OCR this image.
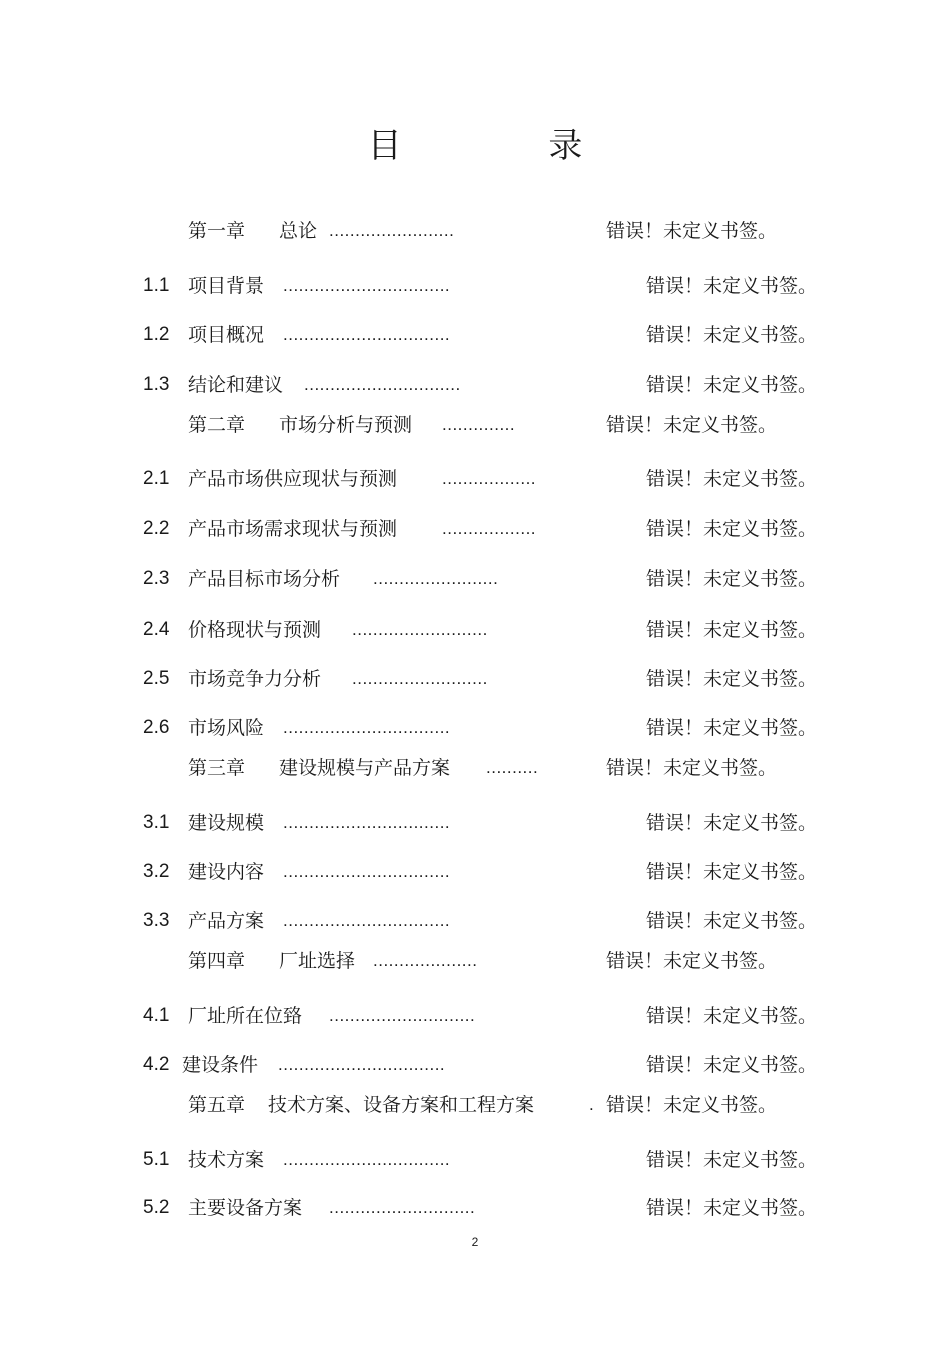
目 录
第一章 总论 ........................	错误！未定义书签。
1.1 项目背景 ................................	错误！未定义书签。
1.2 项目概况 ................................	错误！未定义书签。
1.3 结论和建议 ..............................	错误！未定义书签。
第二章 市场分析与预测 ..............	错误！未定义书签。
2.1 产品市场供应现状与预测	..................	错误！未定义书签。
2.2 产品市场需求现状与预测	..................	错误！未定义书签。
2.3 产品目标市场分析 ........................	错误！未定义书签。
2.4 价格现状与预测 ..........................	错误！未定义书签。
2.5 市场竞争力分析 ..........................	错误！未定义书签。
2.6 市场风险 ................................	错误！未定义书签。
第三章 建设规模与产品方案 ..........	错误！未定义书签。
3.1 建设规模 ................................	错误！未定义书签。
3.2 建设内容 ................................	错误！未定义书签。
3.3 产品方案 ................................	错误！未定义书签。
第四章 厂址选择 ....................	错误！未定义书签。
4.1 厂址所在位臵 ............................	错误！未定义书签。
4.2 建设条件 ................................	错误！未定义书签。
第五章 技术方案、设备方案和工程方案	. 错误！未定义书签。
5.1 技术方案 ................................	错误！未定义书签。
5.2 主要设备方案 ............................	错误！未定义书签。
2
